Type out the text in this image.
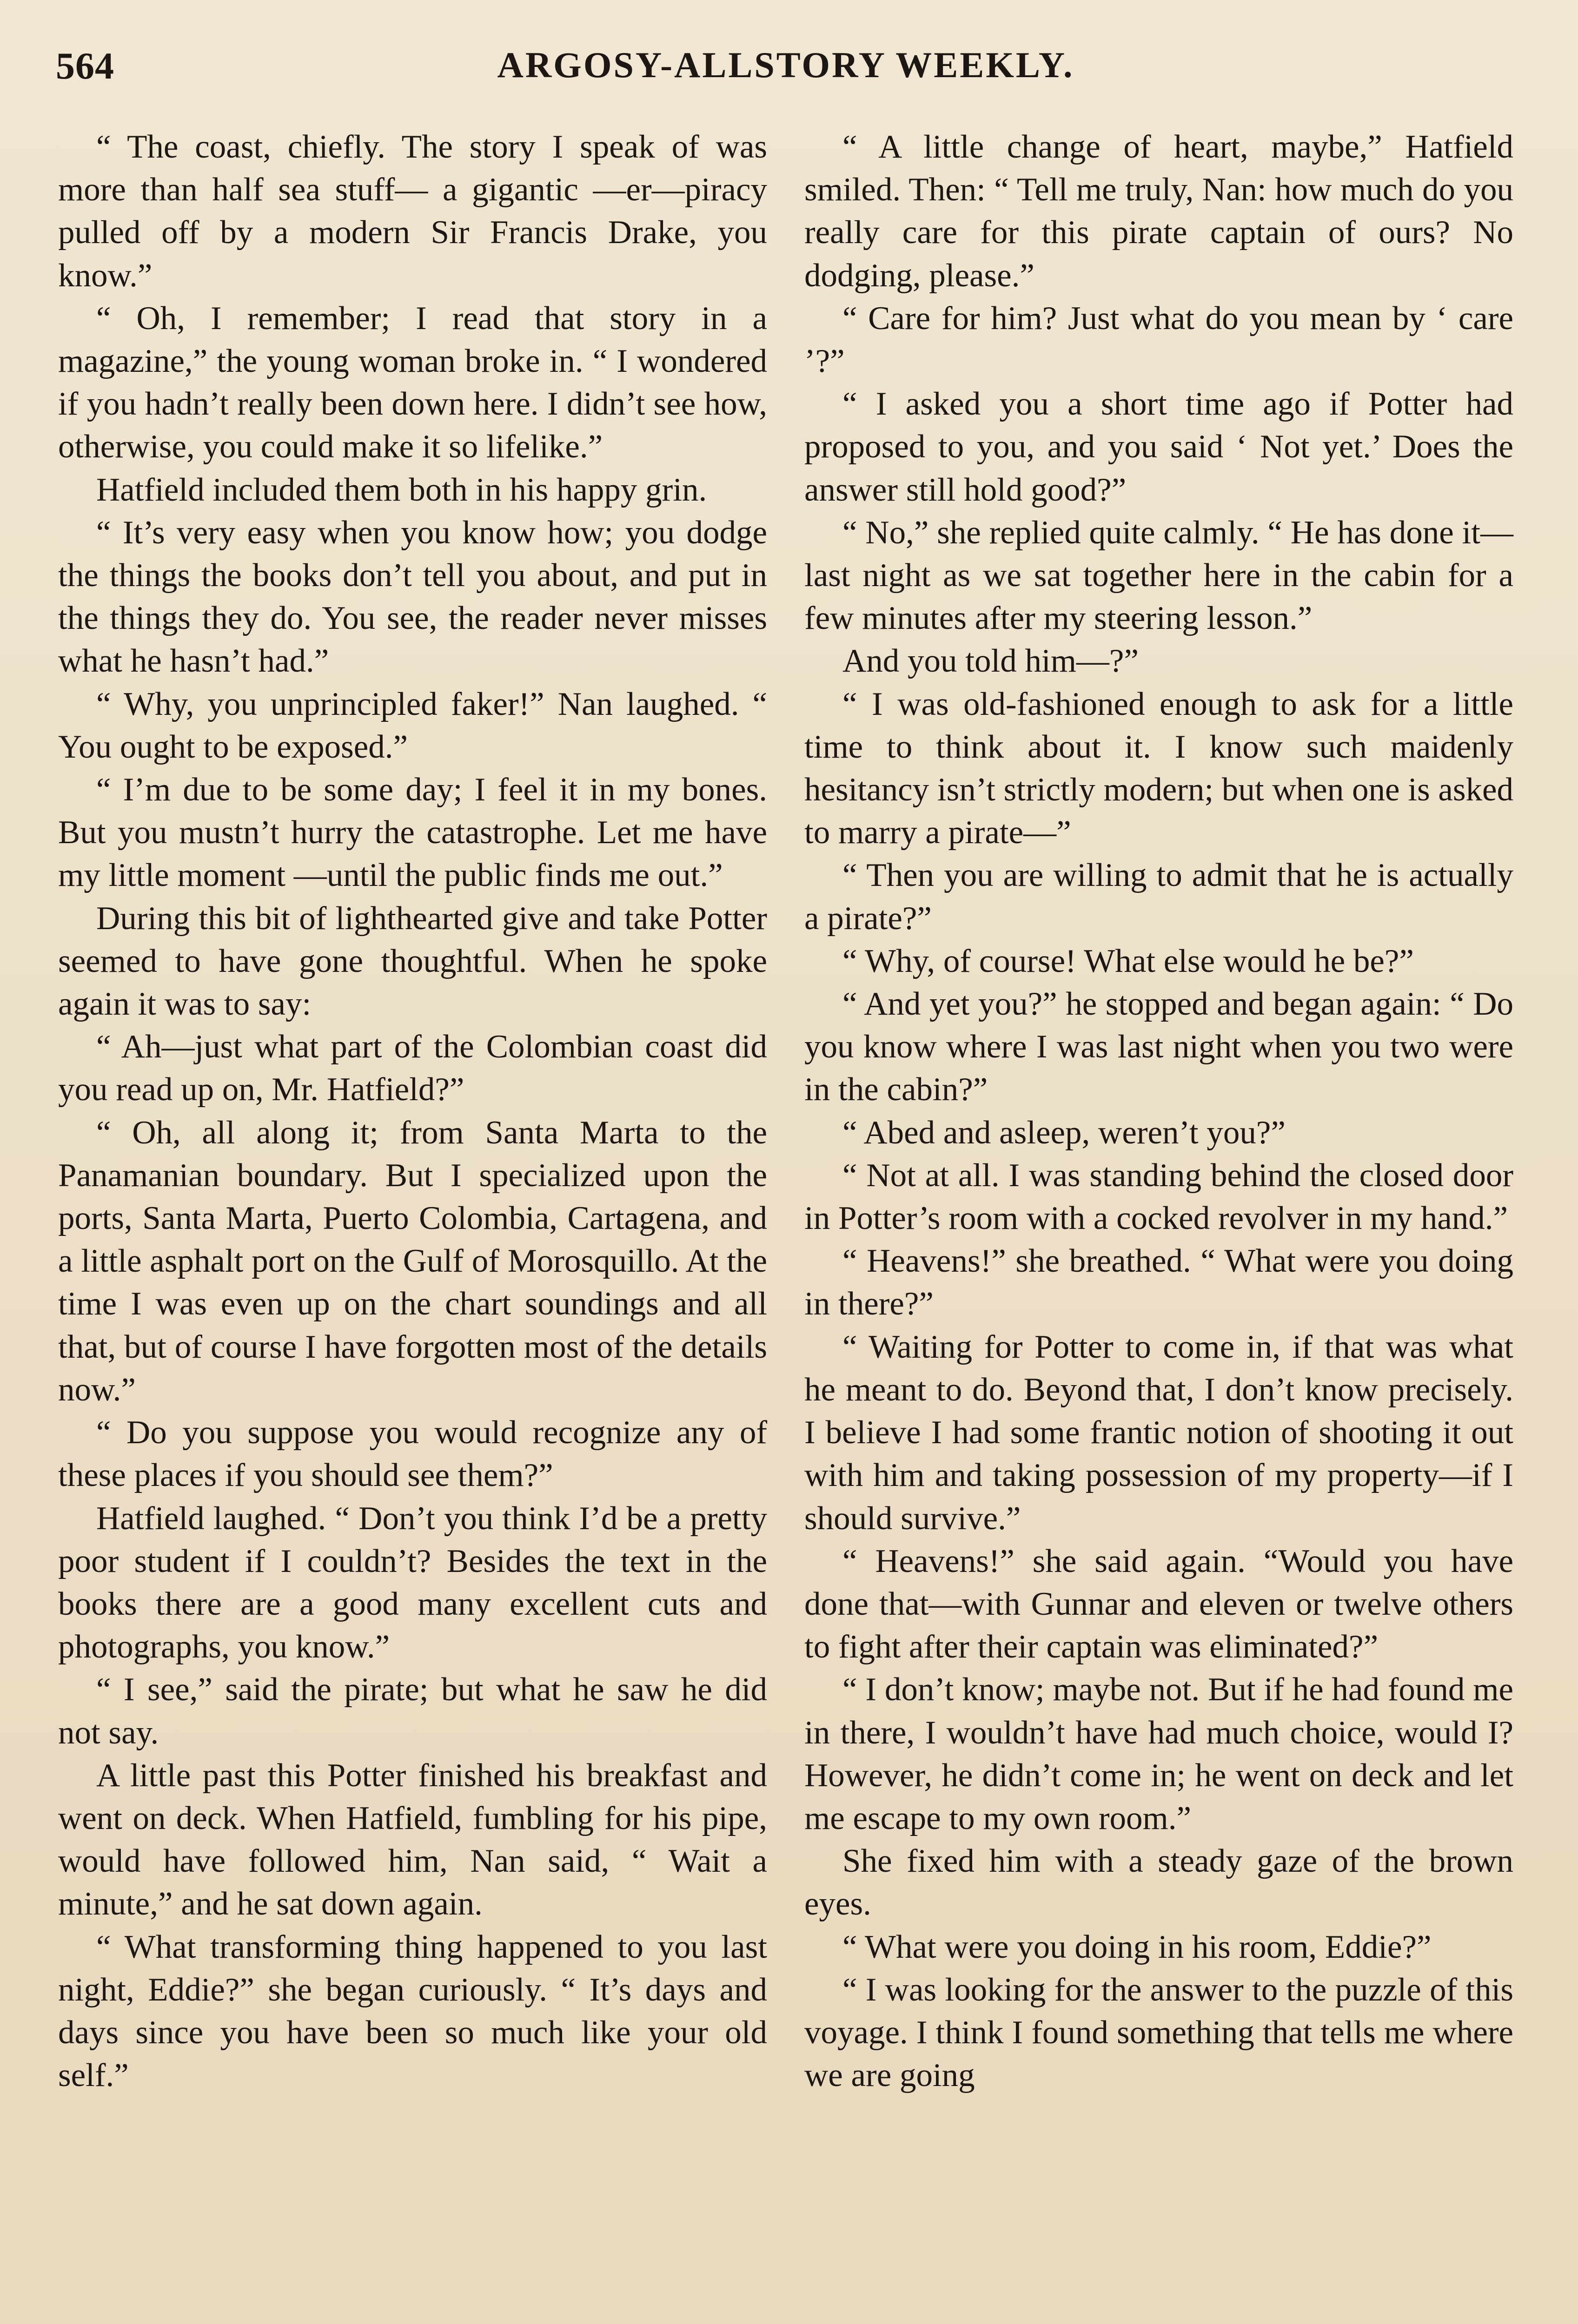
564	ARGOSY-ALLSTORY WEEKLY.

“ The coast, chiefly. The story I speak of was more than half sea stuff— a gigantic —er—piracy pulled off by a modern Sir Francis Drake, you know.”

“ Oh, I remember; I read that story in a magazine,” the young woman broke in. “ I wondered if you hadn’t really been down here. I didn’t see how, otherwise, you could make it so lifelike.”

Hatfield included them both in his happy grin.

“ It’s very easy when you know how; you dodge the things the books don’t tell you about, and put in the things they do. You see, the reader never misses what he hasn’t had.”

“ Why, you unprincipled faker!” Nan laughed. “ You ought to be exposed.”

“ I’m due to be some day; I feel it in my bones. But you mustn’t hurry the catastrophe. Let me have my little moment —until the public finds me out.”

During this bit of lighthearted give and take Potter seemed to have gone thoughtful. When he spoke again it was to say:

“ Ah—just what part of the Colombian coast did you read up on, Mr. Hatfield?”

“ Oh, all along it; from Santa Marta to the Panamanian boundary. But I specialized upon the ports, Santa Marta, Puerto Colombia, Cartagena, and a little asphalt port on the Gulf of Morosquillo. At the time I was even up on the chart soundings and all that, but of course I have forgotten most of the details now.”

“ Do you suppose you would recognize any of these places if you should see them?”

Hatfield laughed. “ Don’t you think I’d be a pretty poor student if I couldn’t? Besides the text in the books there are a good many excellent cuts and photographs, you know.”

“ I see,” said the pirate; but what he saw he did not say.

A little past this Potter finished his breakfast and went on deck. When Hatfield, fumbling for his pipe, would have followed him, Nan said, “ Wait a minute,” and he sat down again.

“ What transforming thing happened to you last night, Eddie?” she began curiously. “ It’s days and days since you have been so much like your old self.”

“ A little change of heart, maybe,” Hatfield smiled. Then: “ Tell me truly, Nan: how much do you really care for this pirate captain of ours? No dodging, please.”

“ Care for him? Just what do you mean by ‘ care ’?”

“ I asked you a short time ago if Potter had proposed to you, and you said ‘ Not yet.’ Does the answer still hold good?”

“ No,” she replied quite calmly. “ He has done it—last night as we sat together here in the cabin for a few minutes after my steering lesson.”

And you told him—?”

“ I was old-fashioned enough to ask for a little time to think about it. I know such maidenly hesitancy isn’t strictly modern; but when one is asked to marry a pirate—”

“ Then you are willing to admit that he is actually a pirate?”

“ Why, of course! What else would he be?”

“ And yet you?” he stopped and began again: “ Do you know where I was last night when you two were in the cabin?”

“ Abed and asleep, weren’t you?”

“ Not at all. I was standing behind the closed door in Potter’s room with a cocked revolver in my hand.”

“ Heavens!” she breathed. “ What were you doing in there?”

“ Waiting for Potter to come in, if that was what he meant to do. Beyond that, I don’t know precisely. I believe I had some frantic notion of shooting it out with him and taking possession of my property—if I should survive.”

“ Heavens!” she said again. “Would you have done that—with Gunnar and eleven or twelve others to fight after their captain was eliminated?”

“ I don’t know; maybe not. But if he had found me in there, I wouldn’t have had much choice, would I? However, he didn’t come in; he went on deck and let me escape to my own room.”

She fixed him with a steady gaze of the brown eyes.

“ What were you doing in his room, Eddie?”

“ I was looking for the answer to the puzzle of this voyage. I think I found something that tells me where we are going
